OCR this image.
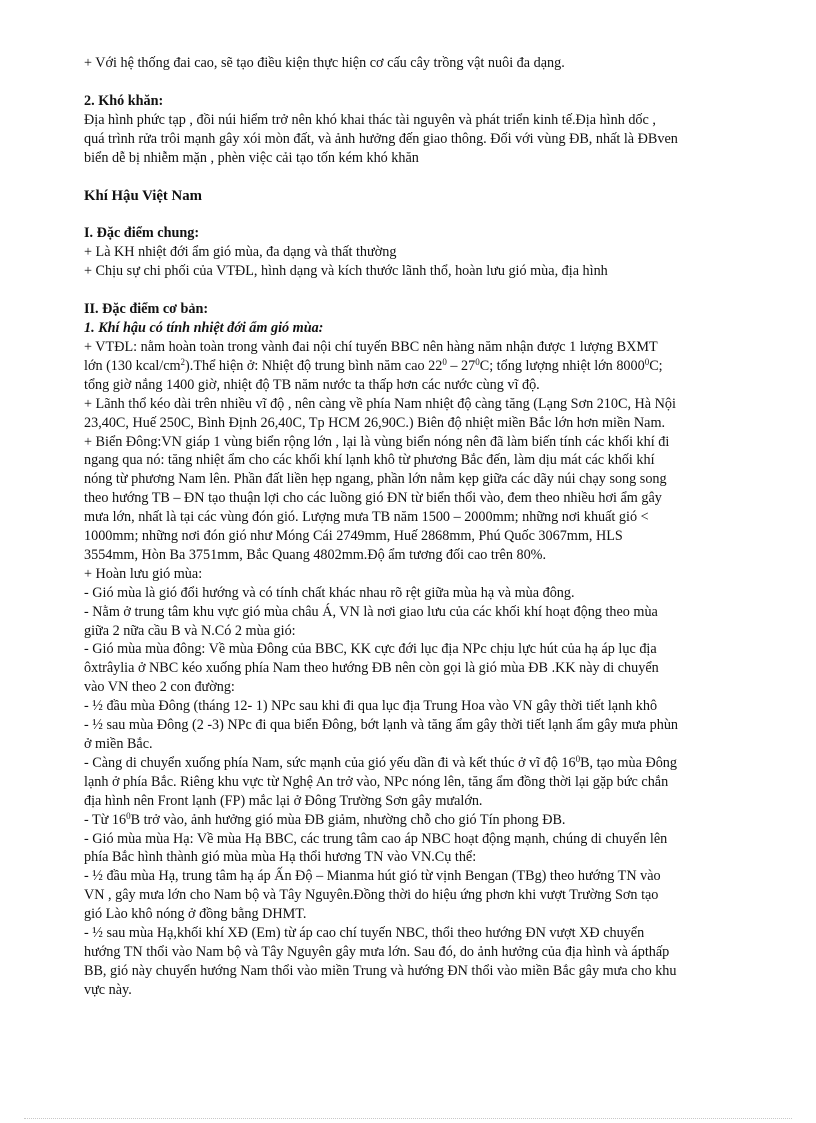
+ Với hệ thống đai cao, sẽ tạo điều kiện thực hiện cơ cấu cây trồng vật nuôi đa dạng.

2. Khó khăn:

Địa hình phức tạp , đồi núi hiểm trở nên khó khai thác tài nguyên và phát triển kinh tế.Địa hình dốc ,

quá trình rửa trôi mạnh gây xói mòn đất, và ảnh hưởng đến giao thông. Đối với vùng ĐB, nhất là ĐBven

biển dễ bị nhiễm mặn , phèn việc cải tạo tốn kém khó khăn

Khí Hậu Việt Nam

I. Đặc điểm chung:

+ Là KH nhiệt đới ẩm gió mùa, đa dạng và thất thường

+ Chịu sự chi phối của VTĐL, hình dạng và kích thước lãnh thổ, hoàn lưu gió mùa, địa hình

II. Đặc điểm cơ bản:

1. Khí hậu có tính nhiệt đới ẩm gió mùa:

+ VTĐL: nằm hoàn toàn trong vành đai nội chí tuyến BBC nên hàng năm nhận được 1 lượng BXMT

lớn (130 kcal/$cm^2).Thể$ hiện ở: Nhiệt độ trung bình năm cao $22^0 - 27^0C$; tổng lượng nhiệt lớn 8000$^0$C;

tổng giờ nắng 1400 giờ, nhiệt độ TB năm nước ta thấp hơn các nước cùng vĩ độ.

+ Lãnh thổ kéo dài trên nhiều vĩ độ , nên càng về phía Nam nhiệt độ càng tăng (Lạng Sơn 210C, Hà Nội

23,40C, Huế 250C, Bình Định 26,40C, Tp HCM 26,90C.) Biên độ nhiệt miền Bắc lớn hơn miền Nam.

+ Biển Đông:VN giáp 1 vùng biển rộng lớn , lại là vùng biển nóng nên đã làm biến tính các khối khí đi

ngang qua nó: tăng nhiệt ẩm cho các khối khí lạnh khô từ phương Bắc đến, làm dịu mát các khối khí

nóng từ phương Nam lên. Phần đất liền hẹp ngang, phần lớn nằm kẹp giữa các dãy núi chạy song song

theo hướng TB – ĐN tạo thuận lợi cho các luồng gió ĐN từ biển thổi vào, đem theo nhiều hơi ẩm gây

mưa lớn, nhất là tại các vùng đón gió. Lượng mưa TB năm 1500 – 2000mm; những nơi khuất gió <

1000mm; những nơi đón gió như Móng Cái 2749mm, Huế 2868mm, Phú Quốc 3067mm, HLS

3554mm, Hòn Ba 3751mm, Bắc Quang 4802mm.Độ ẩm tương đối cao trên 80%.

+ Hoàn lưu gió mùa:

- Gió mùa là gió đổi hướng và có tính chất khác nhau rõ rệt giữa mùa hạ và mùa đông.

- Nằm ở trung tâm khu vực gió mùa châu Á, VN là nơi giao lưu của các khối khí hoạt động theo mùa

giữa 2 nữa cầu B và N.Có 2 mùa gió:

- Gió mùa mùa đông: Về mùa Đông của BBC, KK cực đới lục địa NPc chịu lực hút của hạ áp lục địa

ôxtrâylia ở NBC kéo xuống phía Nam theo hướng ĐB nên còn gọi là gió mùa ĐB .KK này di chuyển

vào VN theo 2 con đường:

- ½ đầu mùa Đông (tháng 12- 1) NPc sau khi đi qua lục địa Trung Hoa vào VN gây thời tiết lạnh khô

- ½ sau mùa Đông (2 -3) NPc đi qua biển Đông, bớt lạnh và tăng ẩm gây thời tiết lạnh ẩm gây mưa phùn

ở miền Bắc.

- Càng di chuyển xuống phía Nam, sức mạnh của gió yếu dần đi và kết thúc ở vĩ độ $16^0B$, tạo mùa Đông

lạnh ở phía Bắc. Riêng khu vực từ Nghệ An trở vào, NPc nóng lên, tăng ẩm đồng thời lại gặp bức chắn

địa hình nên Front lạnh (FP) mắc lại ở Đông Trường Sơn gây mưalớn.

- Từ $16^0B$ trở vào, ảnh hưởng gió mùa ĐB giảm, nhường chỗ cho gió Tín phong ĐB.

- Gió mùa mùa Hạ: Về mùa Hạ BBC, các trung tâm cao áp NBC hoạt động mạnh, chúng di chuyển lên

phía Bắc hình thành gió mùa mùa Hạ thổi hương TN vào VN.Cụ thể:

- ½ đầu mùa Hạ, trung tâm hạ áp Ấn Độ – Mianma hút gió từ vịnh Bengan (TBg) theo hướng TN vào

VN , gây mưa lớn cho Nam bộ và Tây Nguyên.Đồng thời do hiệu ứng phơn khi vượt Trường Sơn tạo

gió Lào khô nóng ở đồng bằng DHMT.

- ½ sau mùa Hạ,khối khí XĐ (Em) từ áp cao chí tuyến NBC, thổi theo hướng ĐN vượt XĐ chuyển

hướng TN thổi vào Nam bộ và Tây Nguyên gây mưa lớn. Sau đó, do ảnh hưởng của địa hình và ápthấp

BB, gió này chuyển hướng Nam thổi vào miền Trung và hướng ĐN thổi vào miền Bắc gây mưa cho khu

vực này.
